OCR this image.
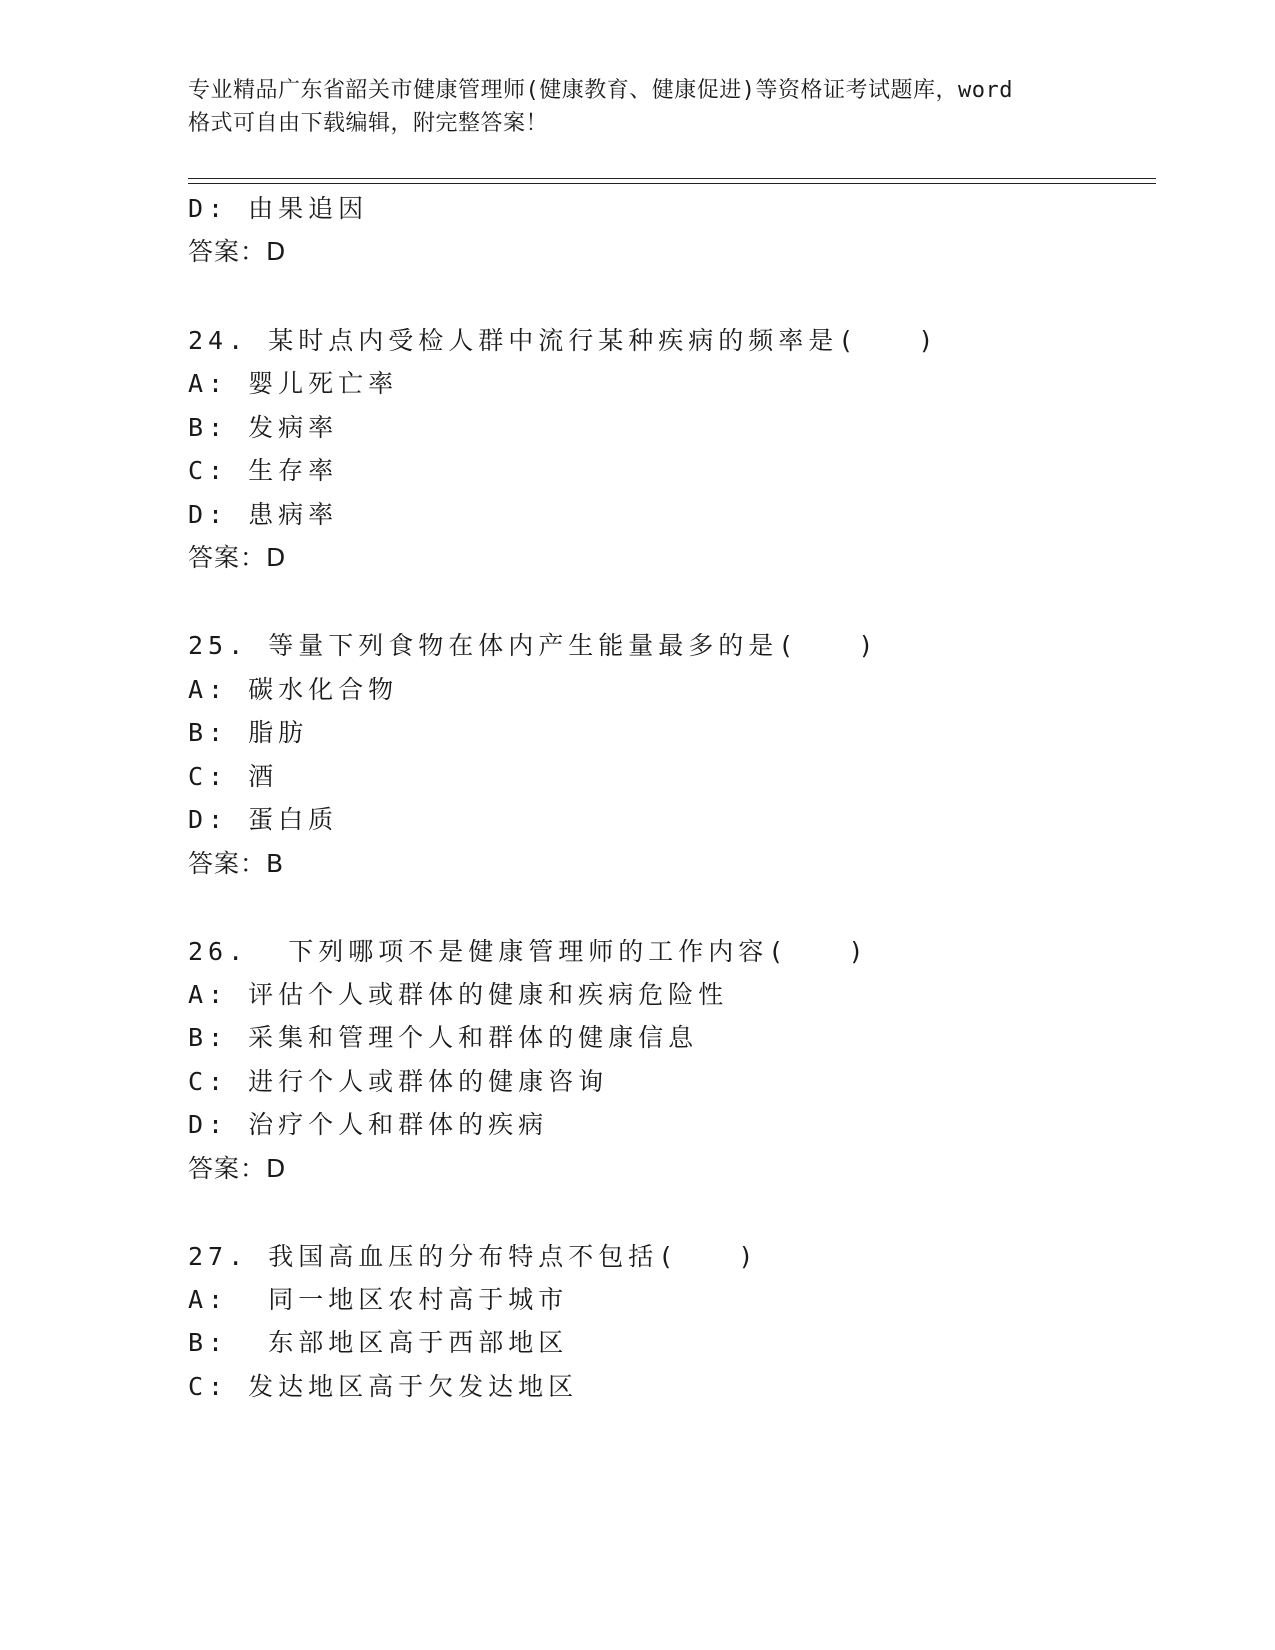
专业精品广东省韶关市健康管理师(健康教育、健康促进)等资格证考试题库，word
格式可自由下载编辑，附完整答案！
D: 由果追因
答案：D
24. 某时点内受检人群中流行某种疾病的频率是(   )
A: 婴儿死亡率
B: 发病率
C: 生存率
D: 患病率
答案：D
25. 等量下列食物在体内产生能量最多的是(   )
A: 碳水化合物
B: 脂肪
C: 酒
D: 蛋白质
答案：B
26.  下列哪项不是健康管理师的工作内容(   )
A: 评估个人或群体的健康和疾病危险性
B: 采集和管理个人和群体的健康信息
C: 进行个人或群体的健康咨询
D: 治疗个人和群体的疾病
答案：D
27. 我国高血压的分布特点不包括(   )
A:  同一地区农村高于城市
B:  东部地区高于西部地区
C: 发达地区高于欠发达地区
